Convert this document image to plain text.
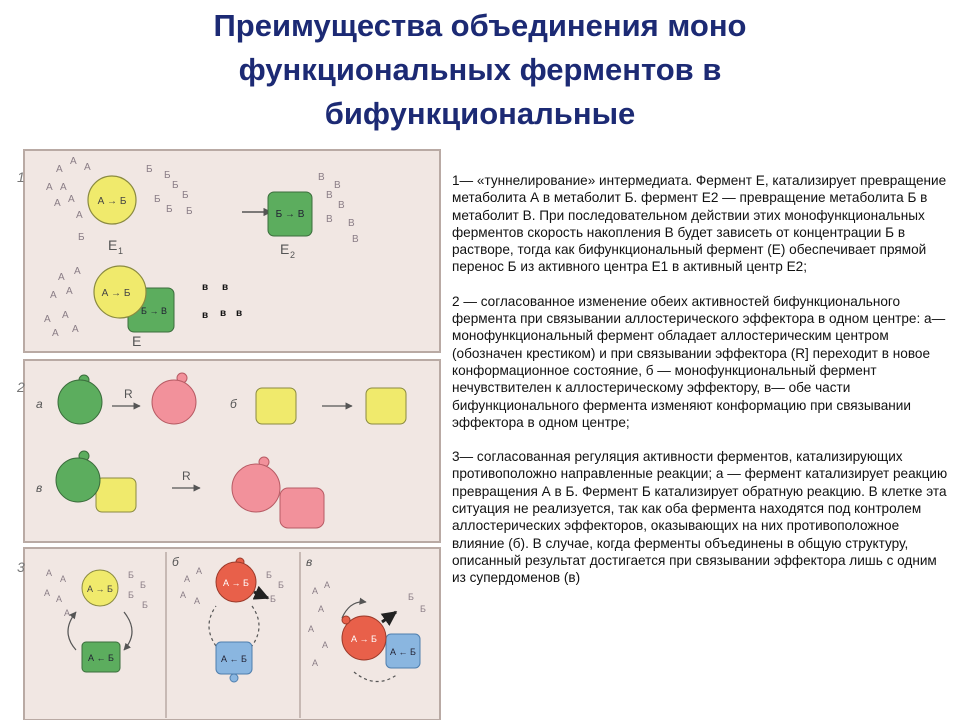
Преимущества объединения моно
функциональных ферментов в
бифункциональные
1	А
А
А
А А
А А
А
Б
Б
Б
Б
Б
Б Б
Б
В
В
В
В
В В
В
А → Б
Е 1
Б → В
Е 2
А
А
А А
А А
А А
А → Б
Б → В
Е
в в
в в в
2
а
R
б
в
R
3 А
А
А
А
А
Б
Б
Б
Б
А → Б
А ← Б
б
А
А
А
А
Б
Б
Б
А → Б
А ← Б
в
А
А
А
А
А
А
Б
Б
А ← Б
А → Б

1— «туннелирование» интермедиата. Фермент Е, катализирует превращение метаболита А в метаболит Б. фермент Е2 — превращение метаболита Б в метаболит В. При последовательном действии этих монофункциональных ферментов скорость накопления В будет зависеть от концентрации Б в растворе, тогда как бифункциональный фермент (Е) обеспечивает прямой перенос Б из активного центра Е1 в активный центр Е2;

2 — согласованное изменение обеих активностей бифункционального фермента при связывании аллостерического эффектора в одном центре: а— монофункциональный фермент обладает аллостерическим центром (обозначен крестиком) и при связывании эффектора (R] переходит в новое конформационное состояние, б — монофункциональный фермент нечувствителен к аллостерическому эффектору, в— обе части бифункционального фермента изменяют конформацию при связывании эффектора в одном центре;

3— согласованная регуляция активности ферментов, катализирующих противоположно направленные реакции; а — фермент катализирует реакцию превращения А в Б. Фермент Б катализирует обратную реакцию. В клетке эта ситуация не реализуется, так как оба фермента находятся под контролем аллостерических эффекторов, оказывающих на них противоположное влияние (б). В случае, когда ферменты объединены в общую структуру, описанный результат достигается при связывании эффектора лишь с одним из супердоменов (в)
